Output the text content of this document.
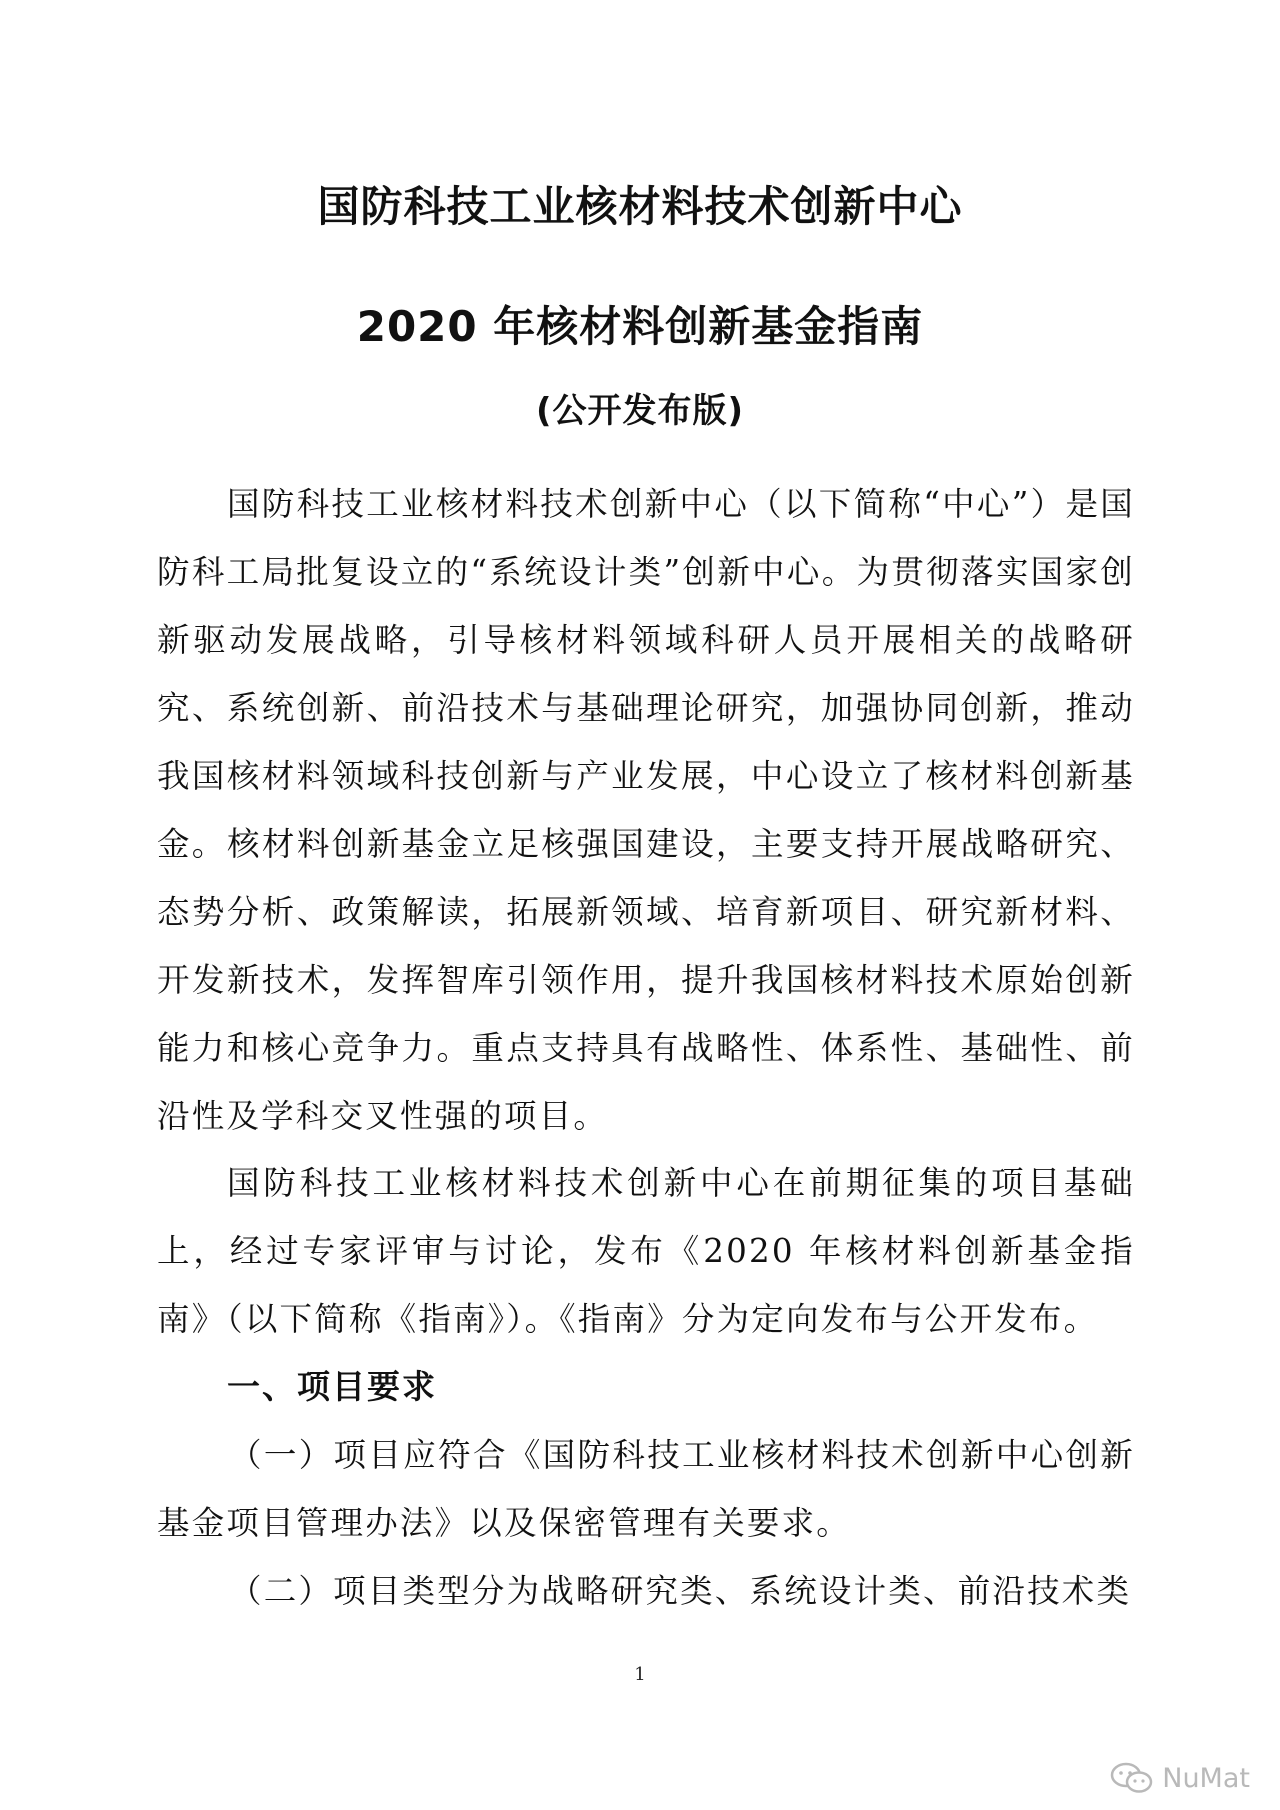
国防科技工业核材料技术创新中心
2020 年核材料创新基金指南
(公开发布版)

国防科技工业核材料技术创新中心（以下简称“中心”）是国防科工局批复设立的“系统设计类”创新中心。为贯彻落实国家创新驱动发展战略，引导核材料领域科研人员开展相关的战略研究、系统创新、前沿技术与基础理论研究，加强协同创新，推动我国核材料领域科技创新与产业发展，中心设立了核材料创新基金。 核材料创新基金立足核强国建设，主要支持开展战略研究、态势分析、政策解读，拓展新领域、培育新项目、研究新材料、开发新技术，发挥智库引领作用，提升我国核材料技术原始创新能力和核心竞争力。重点支持具有战略性、体系性、基础性、前沿性及学科交叉性强的项目。

国防科技工业核材料技术创新中心在前期征集的项目基础上，经过专家评审与讨论，发布《2020 年核材料创新基金指南》（以下简称《指南》）。《指南》分为定向发布与公开发布。

一、项目要求

（一）项目应符合《国防科技工业核材料技术创新中心创新基金项目管理办法》以及保密管理有关要求。

（二）项目类型分为战略研究类、系统设计类、前沿技术类

1
NuMat
